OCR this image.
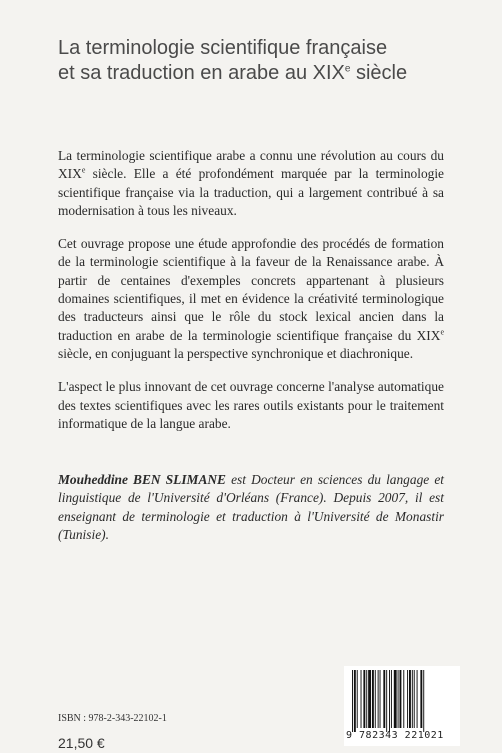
La terminologie scientifique française
et sa traduction en arabe au XIXe siècle

La terminologie scientifique arabe a connu une révolution au cours du XIXe siècle. Elle a été profondément marquée par la terminologie scientifique française via la traduction, qui a largement contribué à sa modernisation à tous les niveaux.

Cet ouvrage propose une étude approfondie des procédés de formation de la terminologie scientifique à la faveur de la Renaissance arabe. À partir de centaines d'exemples concrets appartenant à plusieurs domaines scientifiques, il met en évidence la créativité terminologique des traducteurs ainsi que le rôle du stock lexical ancien dans la traduction en arabe de la terminologie scientifique française du XIXe siècle, en conjuguant la perspective synchronique et diachronique.

L'aspect le plus innovant de cet ouvrage concerne l'analyse automatique des textes scientifiques avec les rares outils existants pour le traitement informatique de la langue arabe.

Mouheddine BEN SLIMANE est Docteur en sciences du langage et linguistique de l'Université d'Orléans (France). Depuis 2007, il est enseignant de terminologie et traduction à l'Université de Monastir (Tunisie).

ISBN : 978-2-343-22102-1
21,50 €	9 782343 221021
